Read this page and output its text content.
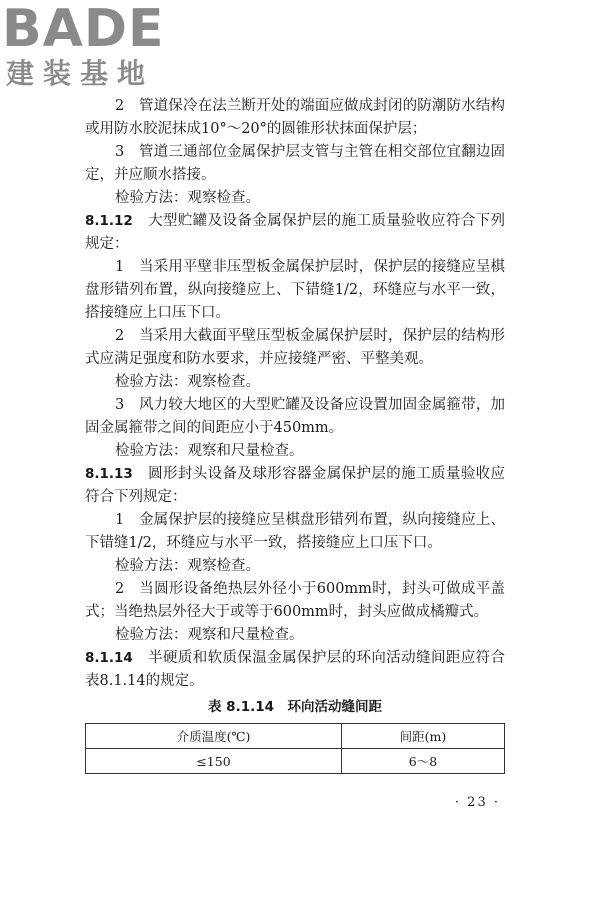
BADE
建装基地

2　管道保冷在法兰断开处的端面应做成封闭的防潮防水结构或用防水胶泥抹成10°～20°的圆锥形状抹面保护层；

3　管道三通部位金属保护层支管与主管在相交部位宜翻边固定，并应顺水搭接。

检验方法：观察检查。

8.1.12　大型贮罐及设备金属保护层的施工质量验收应符合下列规定：

1　当采用平壁非压型板金属保护层时，保护层的接缝应呈棋盘形错列布置，纵向接缝应上、下错缝1/2，环缝应与水平一致，搭接缝应上口压下口。

2　当采用大截面平壁压型板金属保护层时，保护层的结构形式应满足强度和防水要求，并应接缝严密、平整美观。

检验方法：观察检查。

3　风力较大地区的大型贮罐及设备应设置加固金属箍带，加固金属箍带之间的间距应小于450mm。

检验方法：观察和尺量检查。

8.1.13　圆形封头设备及球形容器金属保护层的施工质量验收应符合下列规定：

1　金属保护层的接缝应呈棋盘形错列布置，纵向接缝应上、下错缝1/2，环缝应与水平一致，搭接缝应上口压下口。

检验方法：观察检查。

2　当圆形设备绝热层外径小于600mm时，封头可做成平盖式；当绝热层外径大于或等于600mm时，封头应做成橘瓣式。

检验方法：观察和尺量检查。

8.1.14　半硬质和软质保温金属保护层的环向活动缝间距应符合表8.1.14的规定。

表 8.1.14　环向活动缝间距
介质温度(℃)	间距(m)
≤150	6～8
· 23 ·
